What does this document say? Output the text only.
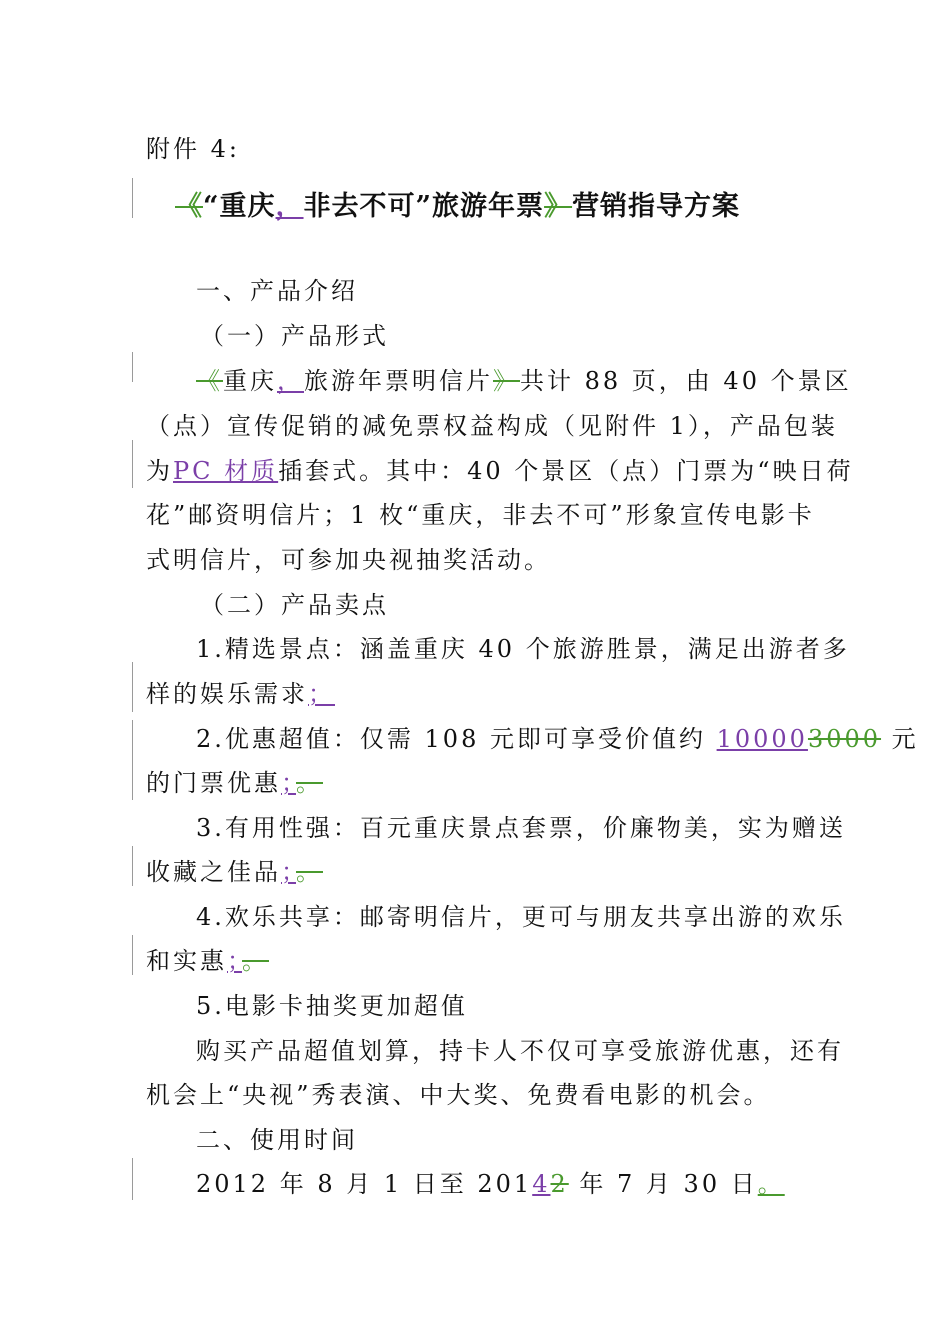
附件 4:
《“重庆，非去不可”旅游年票》营销指导方案
一、产品介绍
（一）产品形式
《重庆，旅游年票明信片》共计 88 页，由 40 个景区
（点）宣传促销的减免票权益构成（见附件 1），产品包装
为PC 材质插套式。其中：40 个景区（点）门票为“映日荷
花”邮资明信片；1 枚“重庆，非去不可”形象宣传电影卡
式明信片，可参加央视抽奖活动。
（二）产品卖点
1.精选景点：涵盖重庆 40 个旅游胜景，满足出游者多
样的娱乐需求；
2.优惠超值：仅需 108 元即可享受价值约 100003000 元
的门票优惠；。
3.有用性强：百元重庆景点套票，价廉物美，实为赠送
收藏之佳品；。
4.欢乐共享：邮寄明信片，更可与朋友共享出游的欢乐
和实惠；。
5.电影卡抽奖更加超值
购买产品超值划算，持卡人不仅可享受旅游优惠，还有
机会上“央视”秀表演、中大奖、免费看电影的机会。
二、使用时间
2012 年 8 月 1 日至 20142 年 7 月 30 日。
